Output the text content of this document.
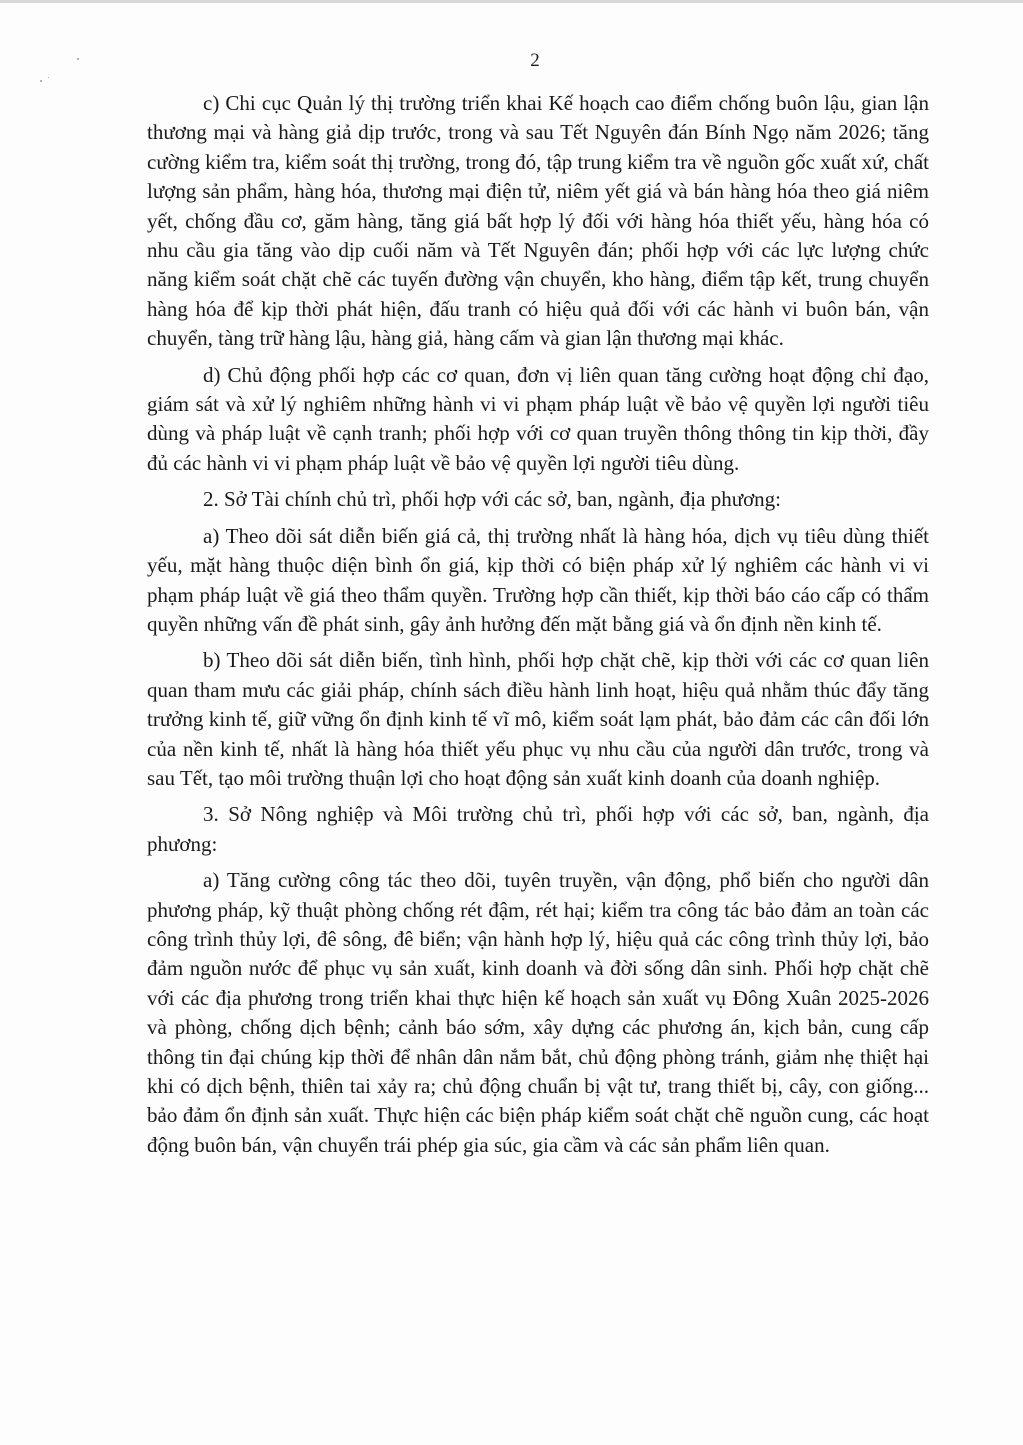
2

c) Chi cục Quản lý thị trường triển khai Kế hoạch cao điểm chống buôn lậu, gian lận thương mại và hàng giả dịp trước, trong và sau Tết Nguyên đán Bính Ngọ năm 2026; tăng cường kiểm tra, kiểm soát thị trường, trong đó, tập trung kiểm tra về nguồn gốc xuất xứ, chất lượng sản phẩm, hàng hóa, thương mại điện tử, niêm yết giá và bán hàng hóa theo giá niêm yết, chống đầu cơ, găm hàng, tăng giá bất hợp lý đối với hàng hóa thiết yếu, hàng hóa có nhu cầu gia tăng vào dịp cuối năm và Tết Nguyên đán; phối hợp với các lực lượng chức năng kiểm soát chặt chẽ các tuyến đường vận chuyển, kho hàng, điểm tập kết, trung chuyển hàng hóa để kịp thời phát hiện, đấu tranh có hiệu quả đối với các hành vi buôn bán, vận chuyển, tàng trữ hàng lậu, hàng giả, hàng cấm và gian lận thương mại khác.

d) Chủ động phối hợp các cơ quan, đơn vị liên quan tăng cường hoạt động chỉ đạo, giám sát và xử lý nghiêm những hành vi vi phạm pháp luật về bảo vệ quyền lợi người tiêu dùng và pháp luật về cạnh tranh; phối hợp với cơ quan truyền thông thông tin kịp thời, đầy đủ các hành vi vi phạm pháp luật về bảo vệ quyền lợi người tiêu dùng.

2. Sở Tài chính chủ trì, phối hợp với các sở, ban, ngành, địa phương:

a) Theo dõi sát diễn biến giá cả, thị trường nhất là hàng hóa, dịch vụ tiêu dùng thiết yếu, mặt hàng thuộc diện bình ổn giá, kịp thời có biện pháp xử lý nghiêm các hành vi vi phạm pháp luật về giá theo thẩm quyền. Trường hợp cần thiết, kịp thời báo cáo cấp có thẩm quyền những vấn đề phát sinh, gây ảnh hưởng đến mặt bằng giá và ổn định nền kinh tế.

b) Theo dõi sát diễn biến, tình hình, phối hợp chặt chẽ, kịp thời với các cơ quan liên quan tham mưu các giải pháp, chính sách điều hành linh hoạt, hiệu quả nhằm thúc đẩy tăng trưởng kinh tế, giữ vững ổn định kinh tế vĩ mô, kiểm soát lạm phát, bảo đảm các cân đối lớn của nền kinh tế, nhất là hàng hóa thiết yếu phục vụ nhu cầu của người dân trước, trong và sau Tết, tạo môi trường thuận lợi cho hoạt động sản xuất kinh doanh của doanh nghiệp.

3. Sở Nông nghiệp và Môi trường chủ trì, phối hợp với các sở, ban, ngành, địa phương:

a) Tăng cường công tác theo dõi, tuyên truyền, vận động, phổ biến cho người dân phương pháp, kỹ thuật phòng chống rét đậm, rét hại; kiểm tra công tác bảo đảm an toàn các công trình thủy lợi, đê sông, đê biển; vận hành hợp lý, hiệu quả các công trình thủy lợi, bảo đảm nguồn nước để phục vụ sản xuất, kinh doanh và đời sống dân sinh. Phối hợp chặt chẽ với các địa phương trong triển khai thực hiện kế hoạch sản xuất vụ Đông Xuân 2025-2026 và phòng, chống dịch bệnh; cảnh báo sớm, xây dựng các phương án, kịch bản, cung cấp thông tin đại chúng kịp thời để nhân dân nắm bắt, chủ động phòng tránh, giảm nhẹ thiệt hại khi có dịch bệnh, thiên tai xảy ra; chủ động chuẩn bị vật tư, trang thiết bị, cây, con giống... bảo đảm ổn định sản xuất. Thực hiện các biện pháp kiểm soát chặt chẽ nguồn cung, các hoạt động buôn bán, vận chuyển trái phép gia súc, gia cầm và các sản phẩm liên quan.
